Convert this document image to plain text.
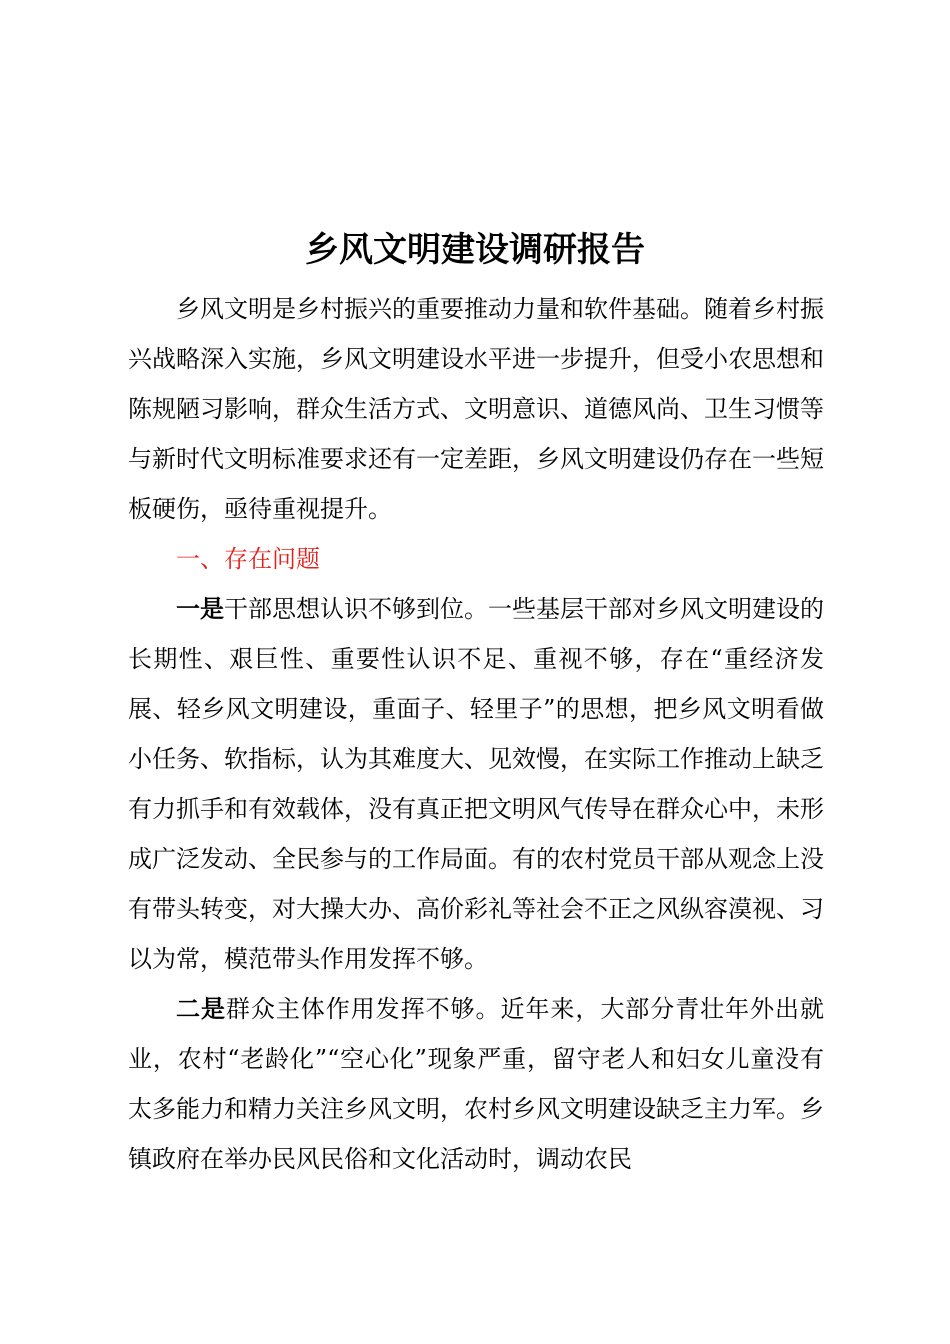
乡风文明建设调研报告

乡风文明是乡村振兴的重要推动力量和软件基础。随着乡村振兴战略深入实施，乡风文明建设水平进一步提升，但受小农思想和陈规陋习影响，群众生活方式、文明意识、道德风尚、卫生习惯等与新时代文明标准要求还有一定差距，乡风文明建设仍存在一些短板硬伤，亟待重视提升。

一、存在问题

一是干部思想认识不够到位。一些基层干部对乡风文明建设的长期性、艰巨性、重要性认识不足、重视不够，存在“重经济发展、轻乡风文明建设，重面子、轻里子”的思想，把乡风文明看做小任务、软指标，认为其难度大、见效慢，在实际工作推动上缺乏有力抓手和有效载体，没有真正把文明风气传导在群众心中，未形成广泛发动、全民参与的工作局面。有的农村党员干部从观念上没有带头转变，对大操大办、高价彩礼等社会不正之风纵容漠视、习以为常，模范带头作用发挥不够。

二是群众主体作用发挥不够。近年来，大部分青壮年外出就业，农村“老龄化”“空心化”现象严重，留守老人和妇女儿童没有太多能力和精力关注乡风文明，农村乡风文明建设缺乏主力军。乡镇政府在举办民风民俗和文化活动时，调动农民
